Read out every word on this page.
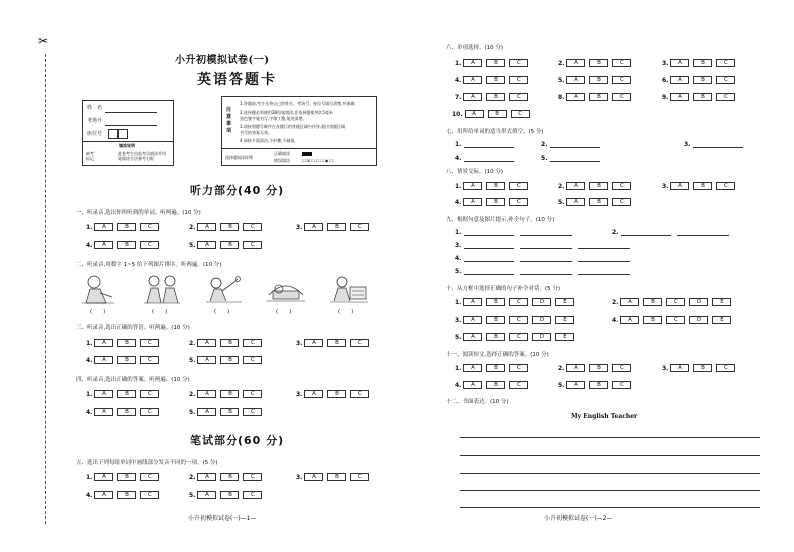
✂
小升初模拟试卷(一)
英语答题卡
姓　名
考场号
座位号
填涂说明
缺考　　　　　　此卷考生由监考员填涂并用
标记　　　　　　笔填涂方法参考右框
注意事项
1.答题前,考生先将自己的姓名、考场号、座位号填写清楚,并准确
2.选择题必须使用2B铅笔填涂,非选择题使用0.5毫米
黑色签字笔书写,字体工整,笔迹清楚。
3.请按照题号顺序在各题目的答题区域内作答,超出答题区域
书写的答案无效。
4.保持卡面清洁,不折叠,不破损。
选择题填涂样例
正确填涂
错误填涂	☐☒☐☐☐◉☐
听力部分(40 分)
一、听录音,选出你所听到的单词。听两遍。(10 分)
1.	A	B	C	2.	A	B	C	3.	A	B	C
4.	A	B	C	5.	A	B	C
二、听录音,用数字 1~5 给下列图片排序。听两遍。(10 分)
(　　)	(　　)	(　　)	(　　)	(　　)
三、听录音,选出正确的答语。听两遍。(10 分)
1.	A	B	C	2.	A	B	C	3.	A	B	C
4.	A	B	C	5.	A	B	C
四、听录音,选出正确的答案。听两遍。(10 分)
1.	A	B	C	2.	A	B	C	3.	A	B	C
4.	A	B	C	5.	A	B	C
笔试部分(60 分)
五、选出下列每组单词中画线部分发音不同的一项。(5 分)
1.	A	B	C	2.	A	B	C	3.	A	B	C
4.	A	B	C	5.	A	B	C
小升初模拟试卷(一)—1—
六、单项选择。(10 分)
1.	A	B	C	2.	A	B	C	3.	A	B	C
4.	A	B	C	5.	A	B	C	6.	A	B	C
7.	A	B	C	8.	A	B	C	9.	A	B	C
10.	A	B	C
七、用所给单词的适当形式填空。(5 分)
1.	2.	3.
4.	5.
八、情景交际。(10 分)
1.	A	B	C	2.	A	B	C	3.	A	B	C
4.	A	B	C	5.	A	B	C
九、根据句意及图片提示,补全句子。(10 分)
1.	2.
3.
4.
5.
十、从方框中选择正确的句子补全对话。(5 分)
1.	A	B	C	D	E	2.	A	B	C	D	E
3.	A	B	C	D	E	4.	A	B	C	D	E
5.	A	B	C	D	E
十一、阅读短文,选择正确的答案。(10 分)
1.	A	B	C	2.	A	B	C	3.	A	B	C
4.	A	B	C	5.	A	B	C
十二、书面表达。(10 分)
My English Teacher
小升初模拟试卷(一)—2—
